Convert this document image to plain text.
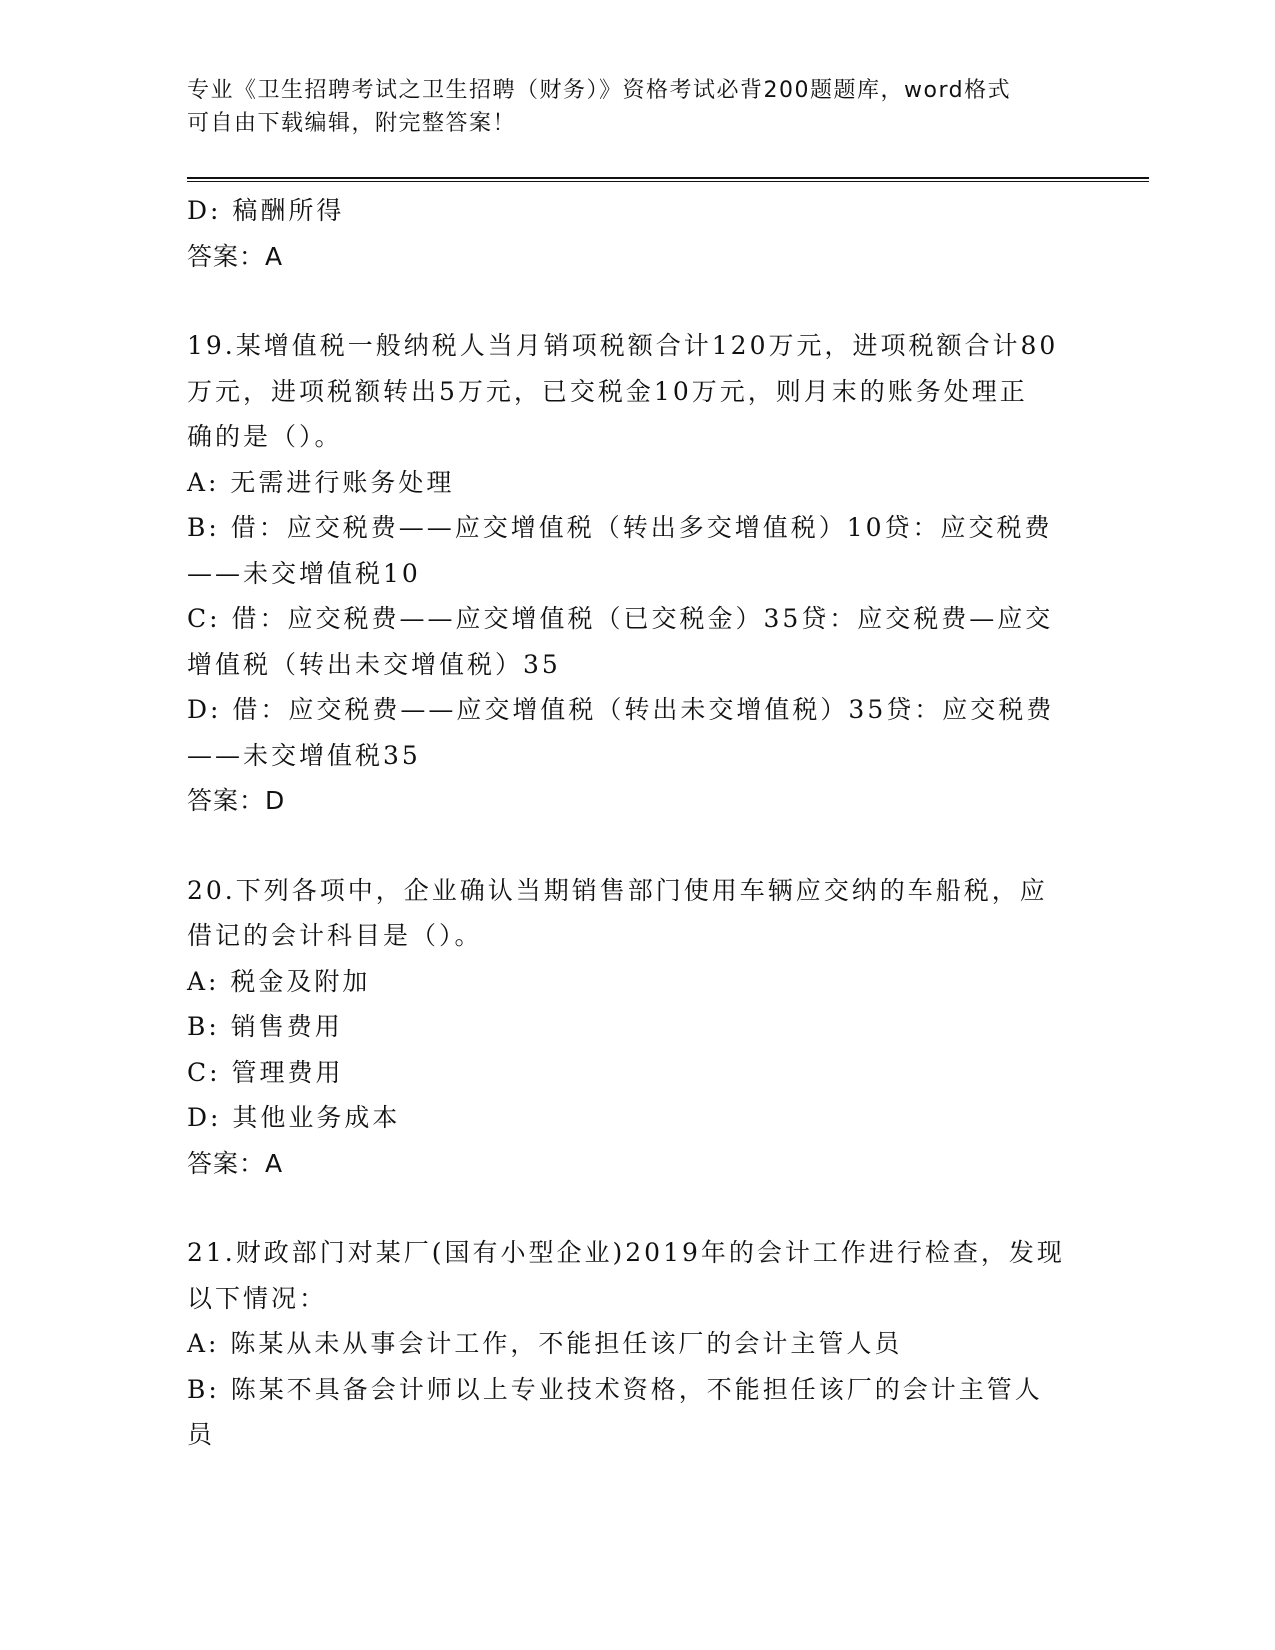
专业《卫生招聘考试之卫生招聘（财务）》资格考试必背200题题库，word格式
可自由下载编辑，附完整答案！

D: 稿酬所得

答案：A

19.某增值税一般纳税人当月销项税额合计120万元，进项税额合计80

万元，进项税额转出5万元，已交税金10万元，则月末的账务处理正

确的是（）。

A: 无需进行账务处理

B: 借：应交税费——应交增值税（转出多交增值税）10贷：应交税费

——未交增值税10

C: 借：应交税费——应交增值税（已交税金）35贷：应交税费—应交

增值税（转出未交增值税）35

D: 借：应交税费——应交增值税（转出未交增值税）35贷：应交税费

——未交增值税35

答案：D

20.下列各项中，企业确认当期销售部门使用车辆应交纳的车船税，应

借记的会计科目是（）。

A: 税金及附加

B: 销售费用

C: 管理费用

D: 其他业务成本

答案：A

21.财政部门对某厂(国有小型企业)2019年的会计工作进行检查，发现

以下情况：

A: 陈某从未从事会计工作，不能担任该厂的会计主管人员

B: 陈某不具备会计师以上专业技术资格，不能担任该厂的会计主管人

员
